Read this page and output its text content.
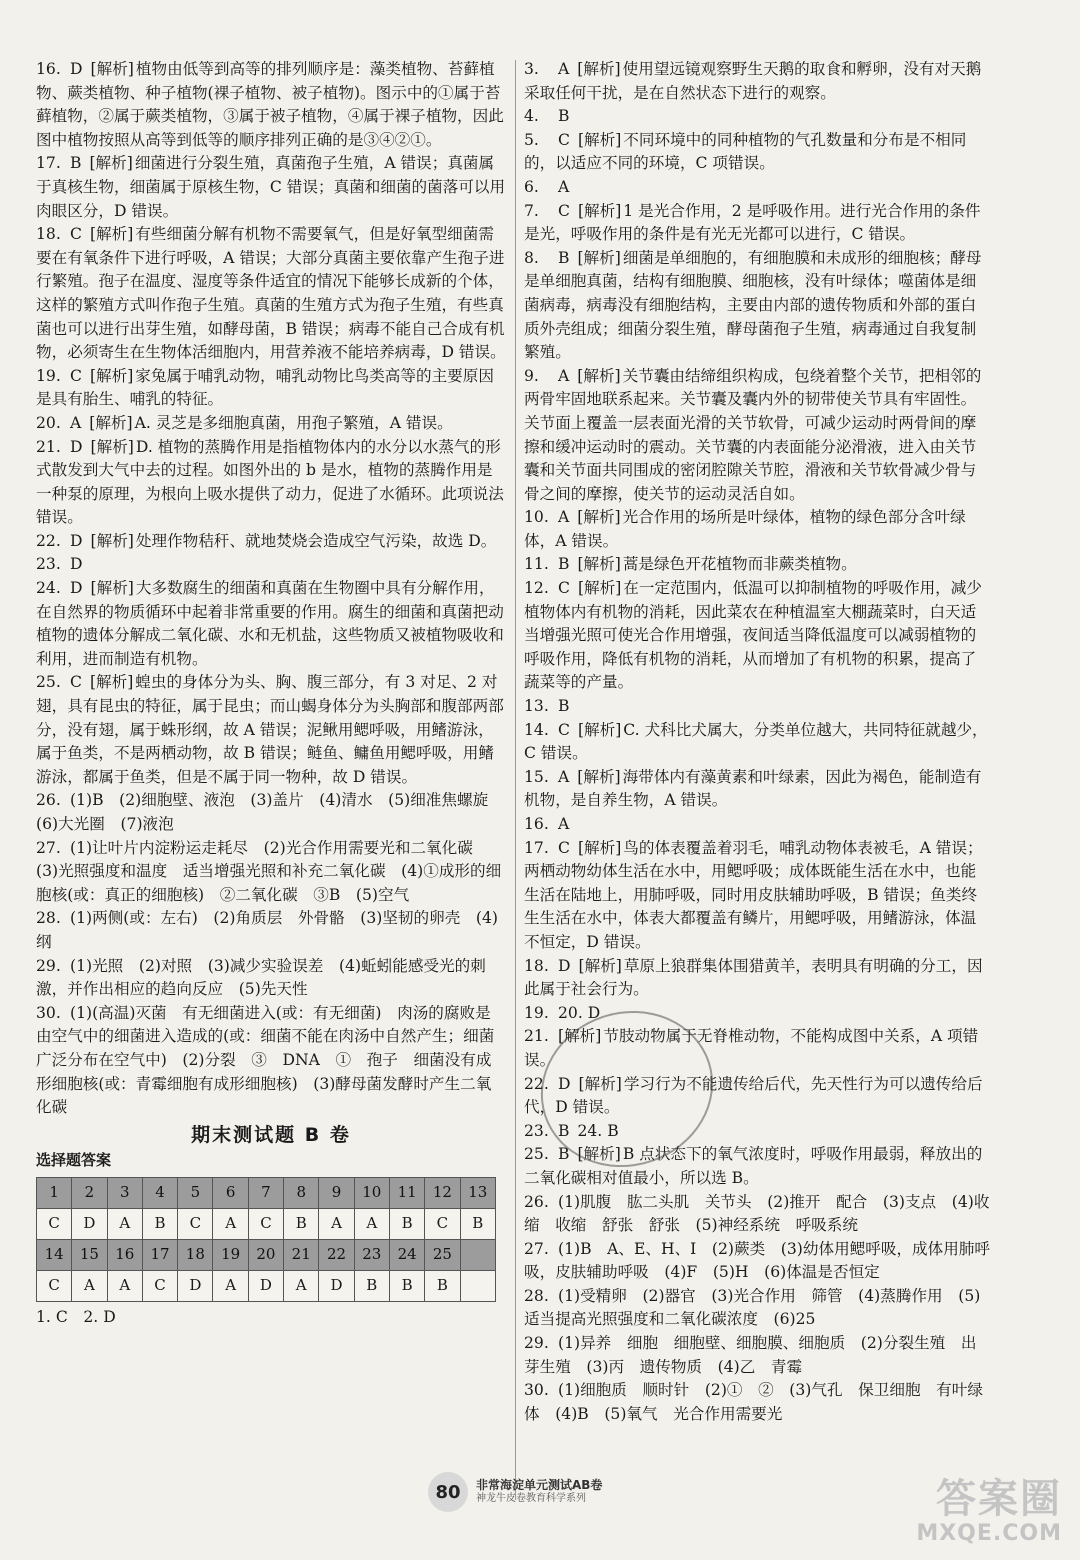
16. D [解析] 植物由低等到高等的排列顺序是：藻类植物、苔藓植物、蕨类植物、种子植物(裸子植物、被子植物)。图示中的①属于苔藓植物，②属于蕨类植物，③属于被子植物，④属于裸子植物，因此图中植物按照从高等到低等的顺序排列正确的是③④②①。

17. B [解析] 细菌进行分裂生殖，真菌孢子生殖，A 错误；真菌属于真核生物，细菌属于原核生物，C 错误；真菌和细菌的菌落可以用肉眼区分，D 错误。

18. C [解析] 有些细菌分解有机物不需要氧气，但是好氧型细菌需要在有氧条件下进行呼吸，A 错误；大部分真菌主要依靠产生孢子进行繁殖。孢子在温度、湿度等条件适宜的情况下能够长成新的个体，这样的繁殖方式叫作孢子生殖。真菌的生殖方式为孢子生殖，有些真菌也可以进行出芽生殖，如酵母菌，B 错误；病毒不能自己合成有机物，必须寄生在生物体活细胞内，用营养液不能培养病毒，D 错误。

19. C [解析] 家兔属于哺乳动物，哺乳动物比鸟类高等的主要原因是具有胎生、哺乳的特征。

20. A [解析] A. 灵芝是多细胞真菌，用孢子繁殖，A 错误。

21. D [解析] D. 植物的蒸腾作用是指植物体内的水分以水蒸气的形式散发到大气中去的过程。如图外出的 b 是水，植物的蒸腾作用是一种泵的原理，为根向上吸水提供了动力，促进了水循环。此项说法错误。

22. D [解析] 处理作物秸秆、就地焚烧会造成空气污染，故选 D。

23. D

24. D [解析] 大多数腐生的细菌和真菌在生物圈中具有分解作用，在自然界的物质循环中起着非常重要的作用。腐生的细菌和真菌把动植物的遗体分解成二氧化碳、水和无机盐，这些物质又被植物吸收和利用，进而制造有机物。

25. C [解析] 蝗虫的身体分为头、胸、腹三部分，有 3 对足、2 对翅，具有昆虫的特征，属于昆虫；而山蝎身体分为头胸部和腹部两部分，没有翅，属于蛛形纲，故 A 错误；泥鳅用鳃呼吸，用鳍游泳，属于鱼类，不是两栖动物，故 B 错误；鲢鱼、鳙鱼用鳃呼吸，用鳍游泳，都属于鱼类，但是不属于同一物种，故 D 错误。

26. (1)B　(2)细胞壁、液泡　(3)盖片　(4)清水　(5)细准焦螺旋　(6)大光圈　(7)液泡

27. (1)让叶片内淀粉运走耗尽　(2)光合作用需要光和二氧化碳　(3)光照强度和温度　适当增强光照和补充二氧化碳　(4)①成形的细胞核(或：真正的细胞核)　②二氧化碳　③B　(5)空气

28. (1)两侧(或：左右)　(2)角质层　外骨骼　(3)坚韧的卵壳　(4)纲

29. (1)光照　(2)对照　(3)减少实验误差　(4)蚯蚓能感受光的刺激，并作出相应的趋向反应　(5)先天性

30. (1)(高温)灭菌　有无细菌进入(或：有无细菌)　肉汤的腐败是由空气中的细菌进入造成的(或：细菌不能在肉汤中自然产生；细菌广泛分布在空气中)　(2)分裂　③　DNA　①　孢子　细菌没有成形细胞核(或：青霉细胞有成形细胞核)　(3)酵母菌发酵时产生二氧化碳

期末测试题 B 卷
选择题答案
1	2	3	4	5	6	7	8	9	10	11	12	13
C	D	A	B	C	A	C	B	A	A	B	C	B
14	15	16	17	18	19	20	21	22	23	24	25	
C	A	A	C	D	A	D	A	D	B	B	B	
1. C　2. D

3. A [解析] 使用望远镜观察野生天鹅的取食和孵卵，没有对天鹅采取任何干扰，是在自然状态下进行的观察。

4. B

5. C [解析] 不同环境中的同种植物的气孔数量和分布是不相同的，以适应不同的环境，C 项错误。

6. A

7. C [解析] 1 是光合作用，2 是呼吸作用。进行光合作用的条件是光，呼吸作用的条件是有光无光都可以进行，C 错误。

8. B [解析] 细菌是单细胞的，有细胞膜和未成形的细胞核；酵母是单细胞真菌，结构有细胞膜、细胞核，没有叶绿体；噬菌体是细菌病毒，病毒没有细胞结构，主要由内部的遗传物质和外部的蛋白质外壳组成；细菌分裂生殖，酵母菌孢子生殖，病毒通过自我复制繁殖。

9. A [解析] 关节囊由结缔组织构成，包绕着整个关节，把相邻的两骨牢固地联系起来。关节囊及囊内外的韧带使关节具有牢固性。关节面上覆盖一层表面光滑的关节软骨，可减少运动时两骨间的摩擦和缓冲运动时的震动。关节囊的内表面能分泌滑液，进入由关节囊和关节面共同围成的密闭腔隙关节腔，滑液和关节软骨减少骨与骨之间的摩擦，使关节的运动灵活自如。

10. A [解析] 光合作用的场所是叶绿体，植物的绿色部分含叶绿体，A 错误。

11. B [解析] 蒿是绿色开花植物而非蕨类植物。

12. C [解析] 在一定范围内，低温可以抑制植物的呼吸作用，减少植物体内有机物的消耗，因此菜农在种植温室大棚蔬菜时，白天适当增强光照可使光合作用增强，夜间适当降低温度可以减弱植物的呼吸作用，降低有机物的消耗，从而增加了有机物的积累，提高了蔬菜等的产量。

13. B

14. C [解析] C. 犬科比犬属大，分类单位越大，共同特征就越少，C 错误。

15. A [解析] 海带体内有藻黄素和叶绿素，因此为褐色，能制造有机物，是自养生物，A 错误。

16. A

17. C [解析] 鸟的体表覆盖着羽毛，哺乳动物体表被毛，A 错误；两栖动物幼体生活在水中，用鳃呼吸；成体既能生活在水中，也能生活在陆地上，用肺呼吸，同时用皮肤辅助呼吸，B 错误；鱼类终生生活在水中，体表大都覆盖有鳞片，用鳃呼吸，用鳍游泳，体温不恒定，D 错误。

18. D [解析] 草原上狼群集体围猎黄羊，表明具有明确的分工，因此属于社会行为。

19. 20. D

21. [解析] 节肢动物属于无脊椎动物，不能构成图中关系，A 项错误。

22. D [解析] 学习行为不能遗传给后代，先天性行为可以遗传给后代，D 错误。

23. B 24. B

25. B [解析] B 点状态下的氧气浓度时，呼吸作用最弱，释放出的二氧化碳相对值最小，所以选 B。

26. (1)肌腹　肱二头肌　关节头　(2)推开　配合　(3)支点　(4)收缩　收缩　舒张　舒张　(5)神经系统　呼吸系统

27. (1)B　A、E、H、I　(2)蕨类　(3)幼体用鳃呼吸，成体用肺呼吸，皮肤辅助呼吸　(4)F　(5)H　(6)体温是否恒定

28. (1)受精卵　(2)器官　(3)光合作用　筛管　(4)蒸腾作用　(5)适当提高光照强度和二氧化碳浓度　(6)25

29. (1)异养　细胞　细胞壁、细胞膜、细胞质　(2)分裂生殖　出芽生殖　(3)丙　遗传物质　(4)乙　青霉

30. (1)细胞质　顺时针　(2)①　②　(3)气孔　保卫细胞　有叶绿体　(4)B　(5)氧气　光合作用需要光

80	非常海淀单元测试AB卷
神龙牛皮卷教育科学系列	答案圈
MXQE.COM
